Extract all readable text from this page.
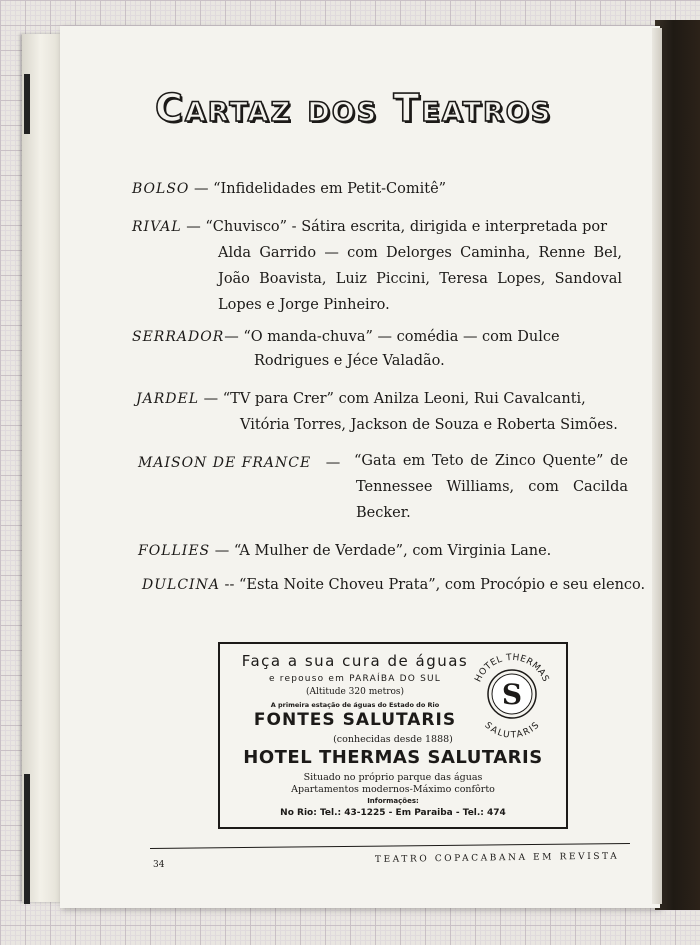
Cartaz dos Teatros
BOLSO — “Infidelidades em Petit-Comitê”
RIVAL — “Chuvisco” - Sátira escrita, dirigida e interpretada por
Alda Garrido — com Delorges Caminha, Renne Bel,
João Boavista, Luiz Piccini, Teresa Lopes, Sandoval
Lopes e Jorge Pinheiro.
SERRADOR— “O manda-chuva” — comédia — com Dulce
Rodrigues e Jéce Valadão.
JARDEL — “TV para Crer” com Anilza Leoni, Rui Cavalcanti,
Vitória Torres, Jackson de Souza e Roberta Simões.
MAISON DE FRANCE — “Gata em Teto de Zinco Quente” de
Tennessee Williams, com Cacilda
Becker.
FOLLIES — “A Mulher de Verdade”, com Virginia Lane.
DULCINA -- “Esta Noite Choveu Prata”, com Procópio e seu elenco.
Faça a sua cura de águas
e repouso em PARAÍBA DO SUL
(Altitude 320 metros)
A primeira estação de águas do Estado do Rio
FONTES SALUTARIS
(conhecidas desde 1888)
HOTEL THERMAS SALUTARIS
Situado no próprio parque das águas
Apartamentos modernos-Máximo confôrto
Informações:
No Rio: Tel.: 43-1225 - Em Paraiba - Tel.: 474
HOTEL THERMAS
SALUTARIS
S
34
TEATRO COPACABANA EM REVISTA
